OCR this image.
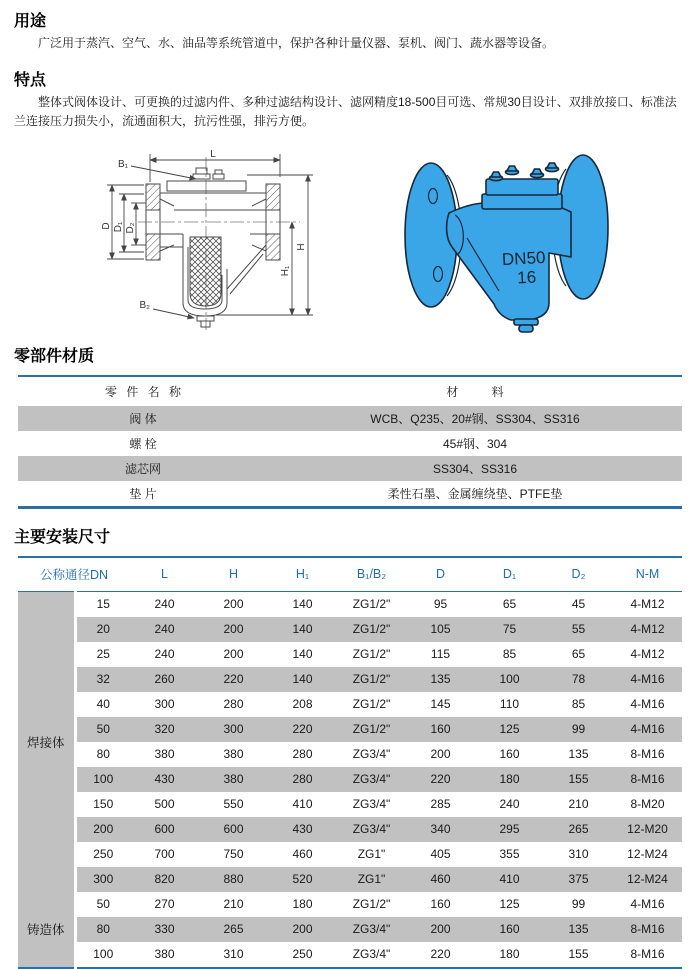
用途

广泛用于蒸汽、空气、水、油品等系统管道中，保护各种计量仪器、泵机、阀门、蔬水器等设备。

特点

整体式阀体设计、可更换的过滤内件、多种过滤结构设计、滤网精度18-500目可选、常规30目设计、双排放接口、标准法兰连接压力损失小，流通面积大，抗污性强，排污方便。

L
B₁
B₂
D D₁ D₂
H
H₁
DN50
16
零部件材质
零 件 名 称	材 料
阀 体	WCB、Q235、20#钢、SS304、SS316
螺 栓	45#钢、304
滤芯网	SS304、SS316
垫 片	柔性石墨、金属缠绕垫、PTFE垫
主要安装尺寸
公称通径DN		L	H	H₁	B₁/B₂	D	D₁	D₂	N-M
焊接体	15	240	200	140	ZG1/2"	95	65	45	4-M12
	20	240	200	140	ZG1/2"	105	75	55	4-M12
	25	240	200	140	ZG1/2"	115	85	65	4-M12
	32	260	220	140	ZG1/2"	135	100	78	4-M16
	40	300	280	208	ZG1/2"	145	110	85	4-M16
	50	320	300	220	ZG1/2"	160	125	99	4-M16
	80	380	380	280	ZG3/4"	200	160	135	8-M16
	100	430	380	280	ZG3/4"	220	180	155	8-M16
	150	500	550	410	ZG3/4"	285	240	210	8-M20
	200	600	600	430	ZG3/4"	340	295	265	12-M20
	250	700	750	460	ZG1"	405	355	310	12-M24
	300	820	880	520	ZG1"	460	410	375	12-M24
铸造体	50	270	210	180	ZG1/2"	160	125	99	4-M16
	80	330	265	200	ZG3/4"	200	160	135	8-M16
	100	380	310	250	ZG3/4"	220	180	155	8-M16
